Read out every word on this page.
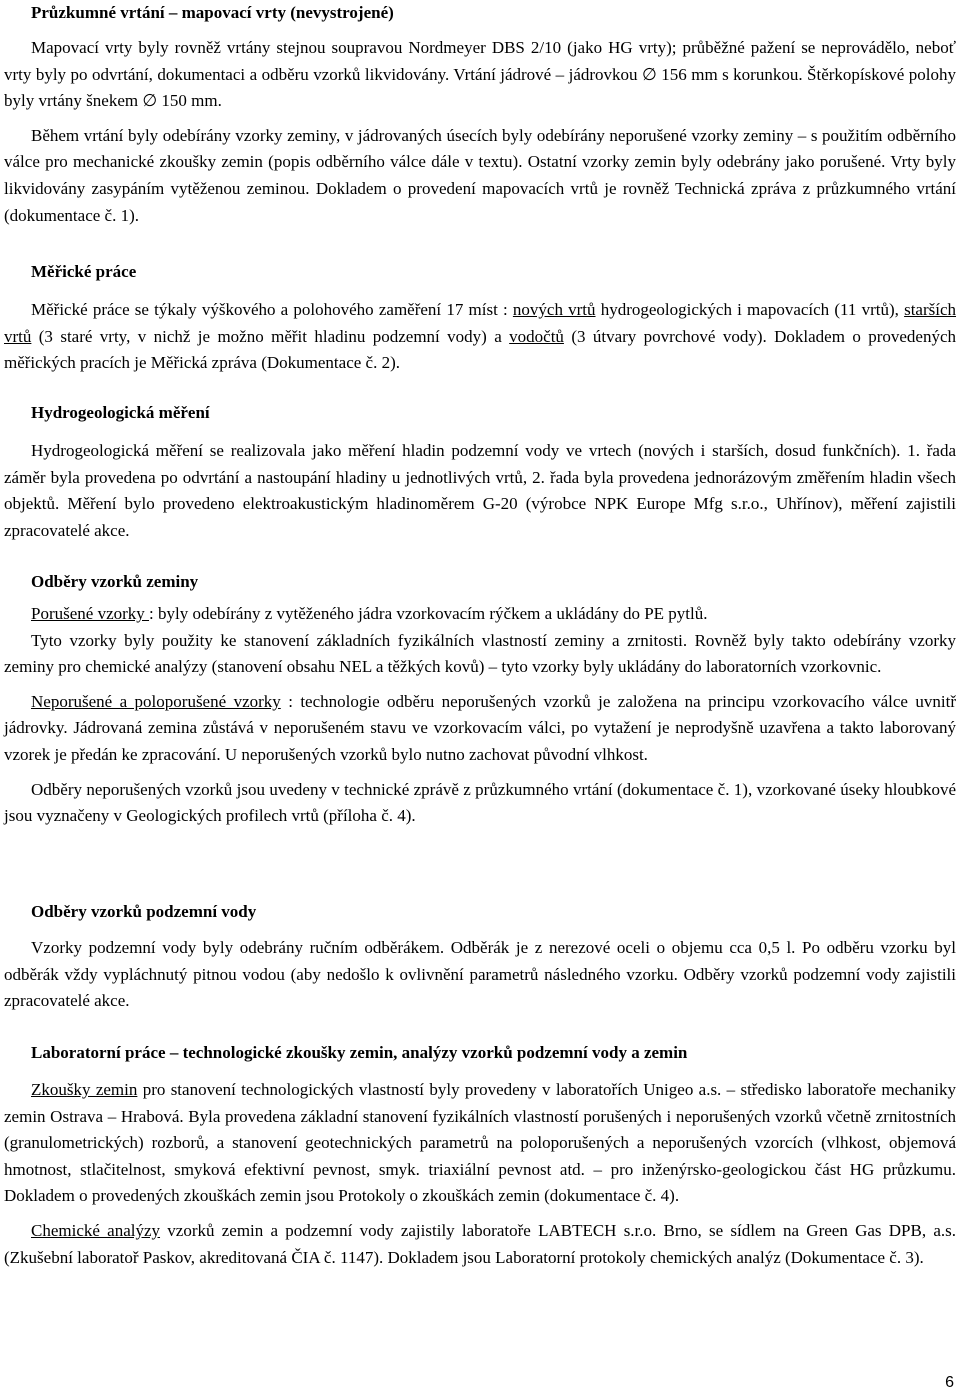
Průzkumné vrtání – mapovací vrty (nevystrojené)

Mapovací vrty byly rovněž vrtány stejnou soupravou Nordmeyer DBS 2/10 (jako HG vrty); průběžné pažení se neprovádělo, neboť vrty byly po odvrtání, dokumentaci a odběru vzorků likvidovány. Vrtání jádrové – jádrovkou ∅ 156 mm s korunkou. Štěrkopískové polohy byly vrtány šnekem ∅ 150 mm.

Během vrtání byly odebírány vzorky zeminy, v jádrovaných úsecích byly odebírány neporušené vzorky zeminy – s použitím odběrního válce pro mechanické zkoušky zemin (popis odběrního válce dále v textu). Ostatní vzorky zemin byly odebrány jako porušené. Vrty byly likvidovány zasypáním vytěženou zeminou. Dokladem o provedení mapovacích vrtů je rovněž Technická zpráva z průzkumného vrtání (dokumentace č. 1).

Měřické práce

Měřické práce se týkaly výškového a polohového zaměření 17 míst : nových vrtů hydrogeologických i mapovacích (11 vrtů), starších vrtů (3 staré vrty, v nichž je možno měřit hladinu podzemní vody) a vodočtů (3 útvary povrchové vody). Dokladem o provedených měřických pracích je Měřická zpráva (Dokumentace č. 2).

Hydrogeologická měření

Hydrogeologická měření se realizovala jako měření hladin podzemní vody ve vrtech (nových i starších, dosud funkčních). 1. řada záměr byla provedena po odvrtání a nastoupání hladiny u jednotlivých vrtů, 2. řada byla provedena jednorázovým změřením hladin všech objektů. Měření bylo provedeno elektroakustickým hladinoměrem G-20 (výrobce NPK Europe Mfg s.r.o., Uhřínov), měření zajistili zpracovatelé akce.

Odběry vzorků zeminy

Porušené vzorky : byly odebírány z vytěženého jádra vzorkovacím rýčkem a ukládány do PE pytlů.

Tyto vzorky byly použity ke stanovení základních fyzikálních vlastností zeminy a zrnitosti. Rovněž byly takto odebírány vzorky zeminy pro chemické analýzy (stanovení obsahu NEL a těžkých kovů) – tyto vzorky byly ukládány do laboratorních vzorkovnic.

Neporušené a poloporušené vzorky : technologie odběru neporušených vzorků je založena na principu vzorkovacího válce uvnitř jádrovky. Jádrovaná zemina zůstává v neporušeném stavu ve vzorkovacím válci, po vytažení je neprodyšně uzavřena a takto laborovaný vzorek je předán ke zpracování. U neporušených vzorků bylo nutno zachovat původní vlhkost.

Odběry neporušených vzorků jsou uvedeny v technické zprávě z průzkumného vrtání (dokumentace č. 1), vzorkované úseky hloubkové jsou vyznačeny v Geologických profilech vrtů (příloha č. 4).

Odběry vzorků podzemní vody

Vzorky podzemní vody byly odebrány ručním odběrákem. Odběrák je z nerezové oceli o objemu cca 0,5 l. Po odběru vzorku byl odběrák vždy vypláchnutý pitnou vodou (aby nedošlo k ovlivnění parametrů následného vzorku. Odběry vzorků podzemní vody zajistili zpracovatelé akce.

Laboratorní práce – technologické zkoušky zemin, analýzy vzorků podzemní vody a zemin

Zkoušky zemin pro stanovení technologických vlastností byly provedeny v laboratořích Unigeo a.s. – středisko laboratoře mechaniky zemin Ostrava – Hrabová. Byla provedena základní stanovení fyzikálních vlastností porušených i neporušených vzorků včetně zrnitostních (granulometrických) rozborů, a stanovení geotechnických parametrů na poloporušených a neporušených vzorcích (vlhkost, objemová hmotnost, stlačitelnost, smyková efektivní pevnost, smyk. triaxiální pevnost atd. – pro inženýrsko-geologickou část HG průzkumu. Dokladem o provedených zkouškách zemin jsou Protokoly o zkouškách zemin (dokumentace č. 4).

Chemické analýzy vzorků zemin a podzemní vody zajistily laboratoře LABTECH s.r.o. Brno, se sídlem na Green Gas DPB, a.s. (Zkušební laboratoř Paskov, akreditovaná ČIA č. 1147). Dokladem jsou Laboratorní protokoly chemických analýz (Dokumentace č. 3).

6
